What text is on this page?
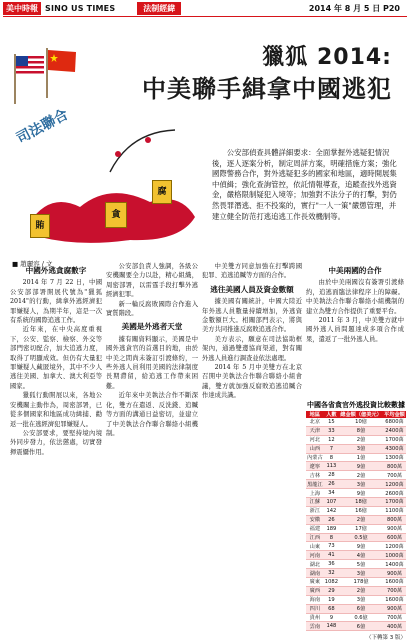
美中時報 SINO US TIMES	法制經緯	2014 年 8 月 5 日 P20
獵狐 2014:
中美聯手緝拿中國逃犯
司法聯合
賄
貪
腐
公安部偵查具體詳細要求：全面掌握外逃疑犯情況後，逐人逐案分析，制定周詳方案，明確措施方案；強化國際警務合作，對外逃疑犯多的國家和地區，適時開展集中偵緝；強化查詢管控，依託情報導查，追蹤查找外逃資金，嚴格限制疑犯入境等；加強對不法分子的打擊，對仍然畏罪潛逃、拒不投案的，實行"一人一策"嚴懲管理，并建立健全防范打逃追逃工作長效機制等。
■ 趙麗容 / 文
中國外逃貪腐數字

2014 年 7 月 22 日，中國公安部部署開展代號為"獵狐 2014"的行動，緝拿外逃經濟犯罪嫌疑人，為期半年，這是一次有系統的國際追逃工作。

近年來，在中央高度重視下，公安、監察、檢察、外交等部門密切配合，加大追逃力度，取得了明顯成效。但仍有大量犯罪嫌疑人藏匿境外，其中不少人逃往美國、加拿大、澳大利亞等國家。

獵狐行動開展以來，各地公安機關主動作為，周密部署，已從多個國家和地區成功緝捕、勸返一批在逃經濟犯罪嫌疑人。

公安部要求，要堅持境內境外同步發力，依法懲處，切實發揮震懾作用。

公安部負責人強調，各級公安機關要全力以赴，精心組織，周密部署，以雷霆手段打擊外逃經濟犯罪。

新一輪反腐敗國際合作進入實質階段。

美國是外逃者天堂

據有關資料顯示，美國是中國外逃貪官的首選目的地，由於中美之間尚未簽訂引渡條約，一些外逃人員利用美國的法律制度長期滯留，給追逃工作帶來困難。

近年來中美執法合作不斷深化，雙方在遣返、反洗錢、追贓等方面的溝通日益密切，並建立了中美執法合作聯合聯絡小組機制。

中美雙方同意加強在打擊跨國犯罪、追逃追贓等方面的合作。

逃往美國人員及資金數額

據美國有關統計，中國大陸近年外逃人員數量持續增加，外逃資金數額巨大。相關部門表示，將與美方共同推進反腐敗追逃合作。

美方表示，願意在司法協助框架內，通過雙邊協商渠道，對有關外逃人員進行調查並依法處理。

2014 年 5 月中美雙方在北京召開中美執法合作聯合聯絡小組會議，雙方就加強反腐敗追逃追贓合作達成共識。

中美兩國的合作

由於中美兩國沒有簽署引渡條約，追逃面臨法律程序上的障礙。中美執法合作聯合聯絡小組機制的建立為雙方合作提供了重要平台。

2011 年 3 月，中美雙方就中國外逃人員問題達成多項合作成果，遣返了一批外逃人員。

中國各省貪官外逃投資比較數據
地區	人數	總金額（億美元）	平均金額
北京	15	10億	6800萬
天津	33	8億	2400萬
河北	12	2億	1700萬
山西	7	3億	4300萬
內蒙古	8	1億	1300萬
遼寧	113	9億	800萬
吉林	28	2億	700萬
黑龍江	26	3億	1200萬
上海	34	9億	2600萬
江蘇	107	18億	1700萬
浙江	142	16億	1100萬
安徽	26	2億	800萬
福建	189	17億	900萬
江西	8	0.5億	600萬
山東	73	9億	1200萬
河南	41	4億	1000萬
湖北	36	5億	1400萬
湖南	32	3億	900萬
廣東	1082	178億	1600萬
廣西	29	2億	700萬
海南	19	3億	1600萬
四川	68	6億	900萬
貴州	9	0.6億	700萬
雲南	148	6億	400萬
（下轉第 3 版）
